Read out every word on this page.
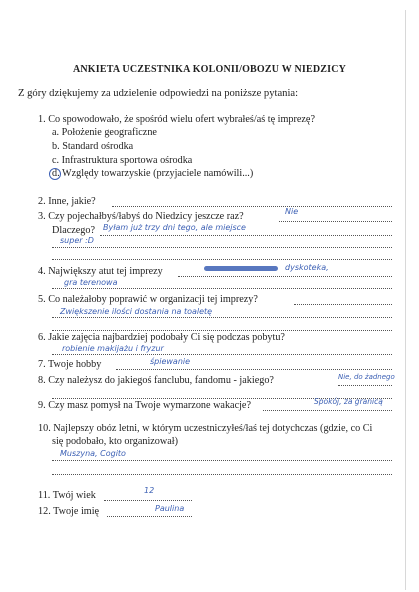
ANKIETA UCZESTNIKA KOLONII/OBOZU W NIEDZICY
Z góry dziękujemy za udzielenie odpowiedzi na poniższe pytania:
1. Co spowodowało, że spośród wielu ofert wybrałeś/aś tę imprezę?
a. Położenie geograficzne
b. Standard ośrodka
c. Infrastruktura sportowa ośrodka
d. Względy towarzyskie (przyjaciele namówili...)
2. Inne, jakie?
3. Czy pojechałbyś/łabyś do Niedzicy jeszcze raz?	Nie
Dlaczego? Byłam już trzy dni tego, ale miejsce
super :D
4. Największy atut tej imprezy	dyskoteka,
gra terenowa
5. Co należałoby poprawić w organizacji tej imprezy?
Zwiększenie ilości dostania na toaletę
6. Jakie zajęcia najbardziej podobały Ci się podczas pobytu?
robienie makijażu i fryzur
7. Twoje hobby	śpiewanie
8. Czy należysz do jakiegoś fanclubu, fandomu - jakiego?	Nie, do żadnego
9. Czy masz pomysł na Twoje wymarzone wakacje?	Spokój, za granicą
10. Najlepszy obóz letni, w którym uczestniczyłeś/łaś tej dotychczas (gdzie, co Ci
się podobało, kto organizował)
Muszyna, Cogito
11. Twój wiek	12
12. Twoje imię	Paulina
